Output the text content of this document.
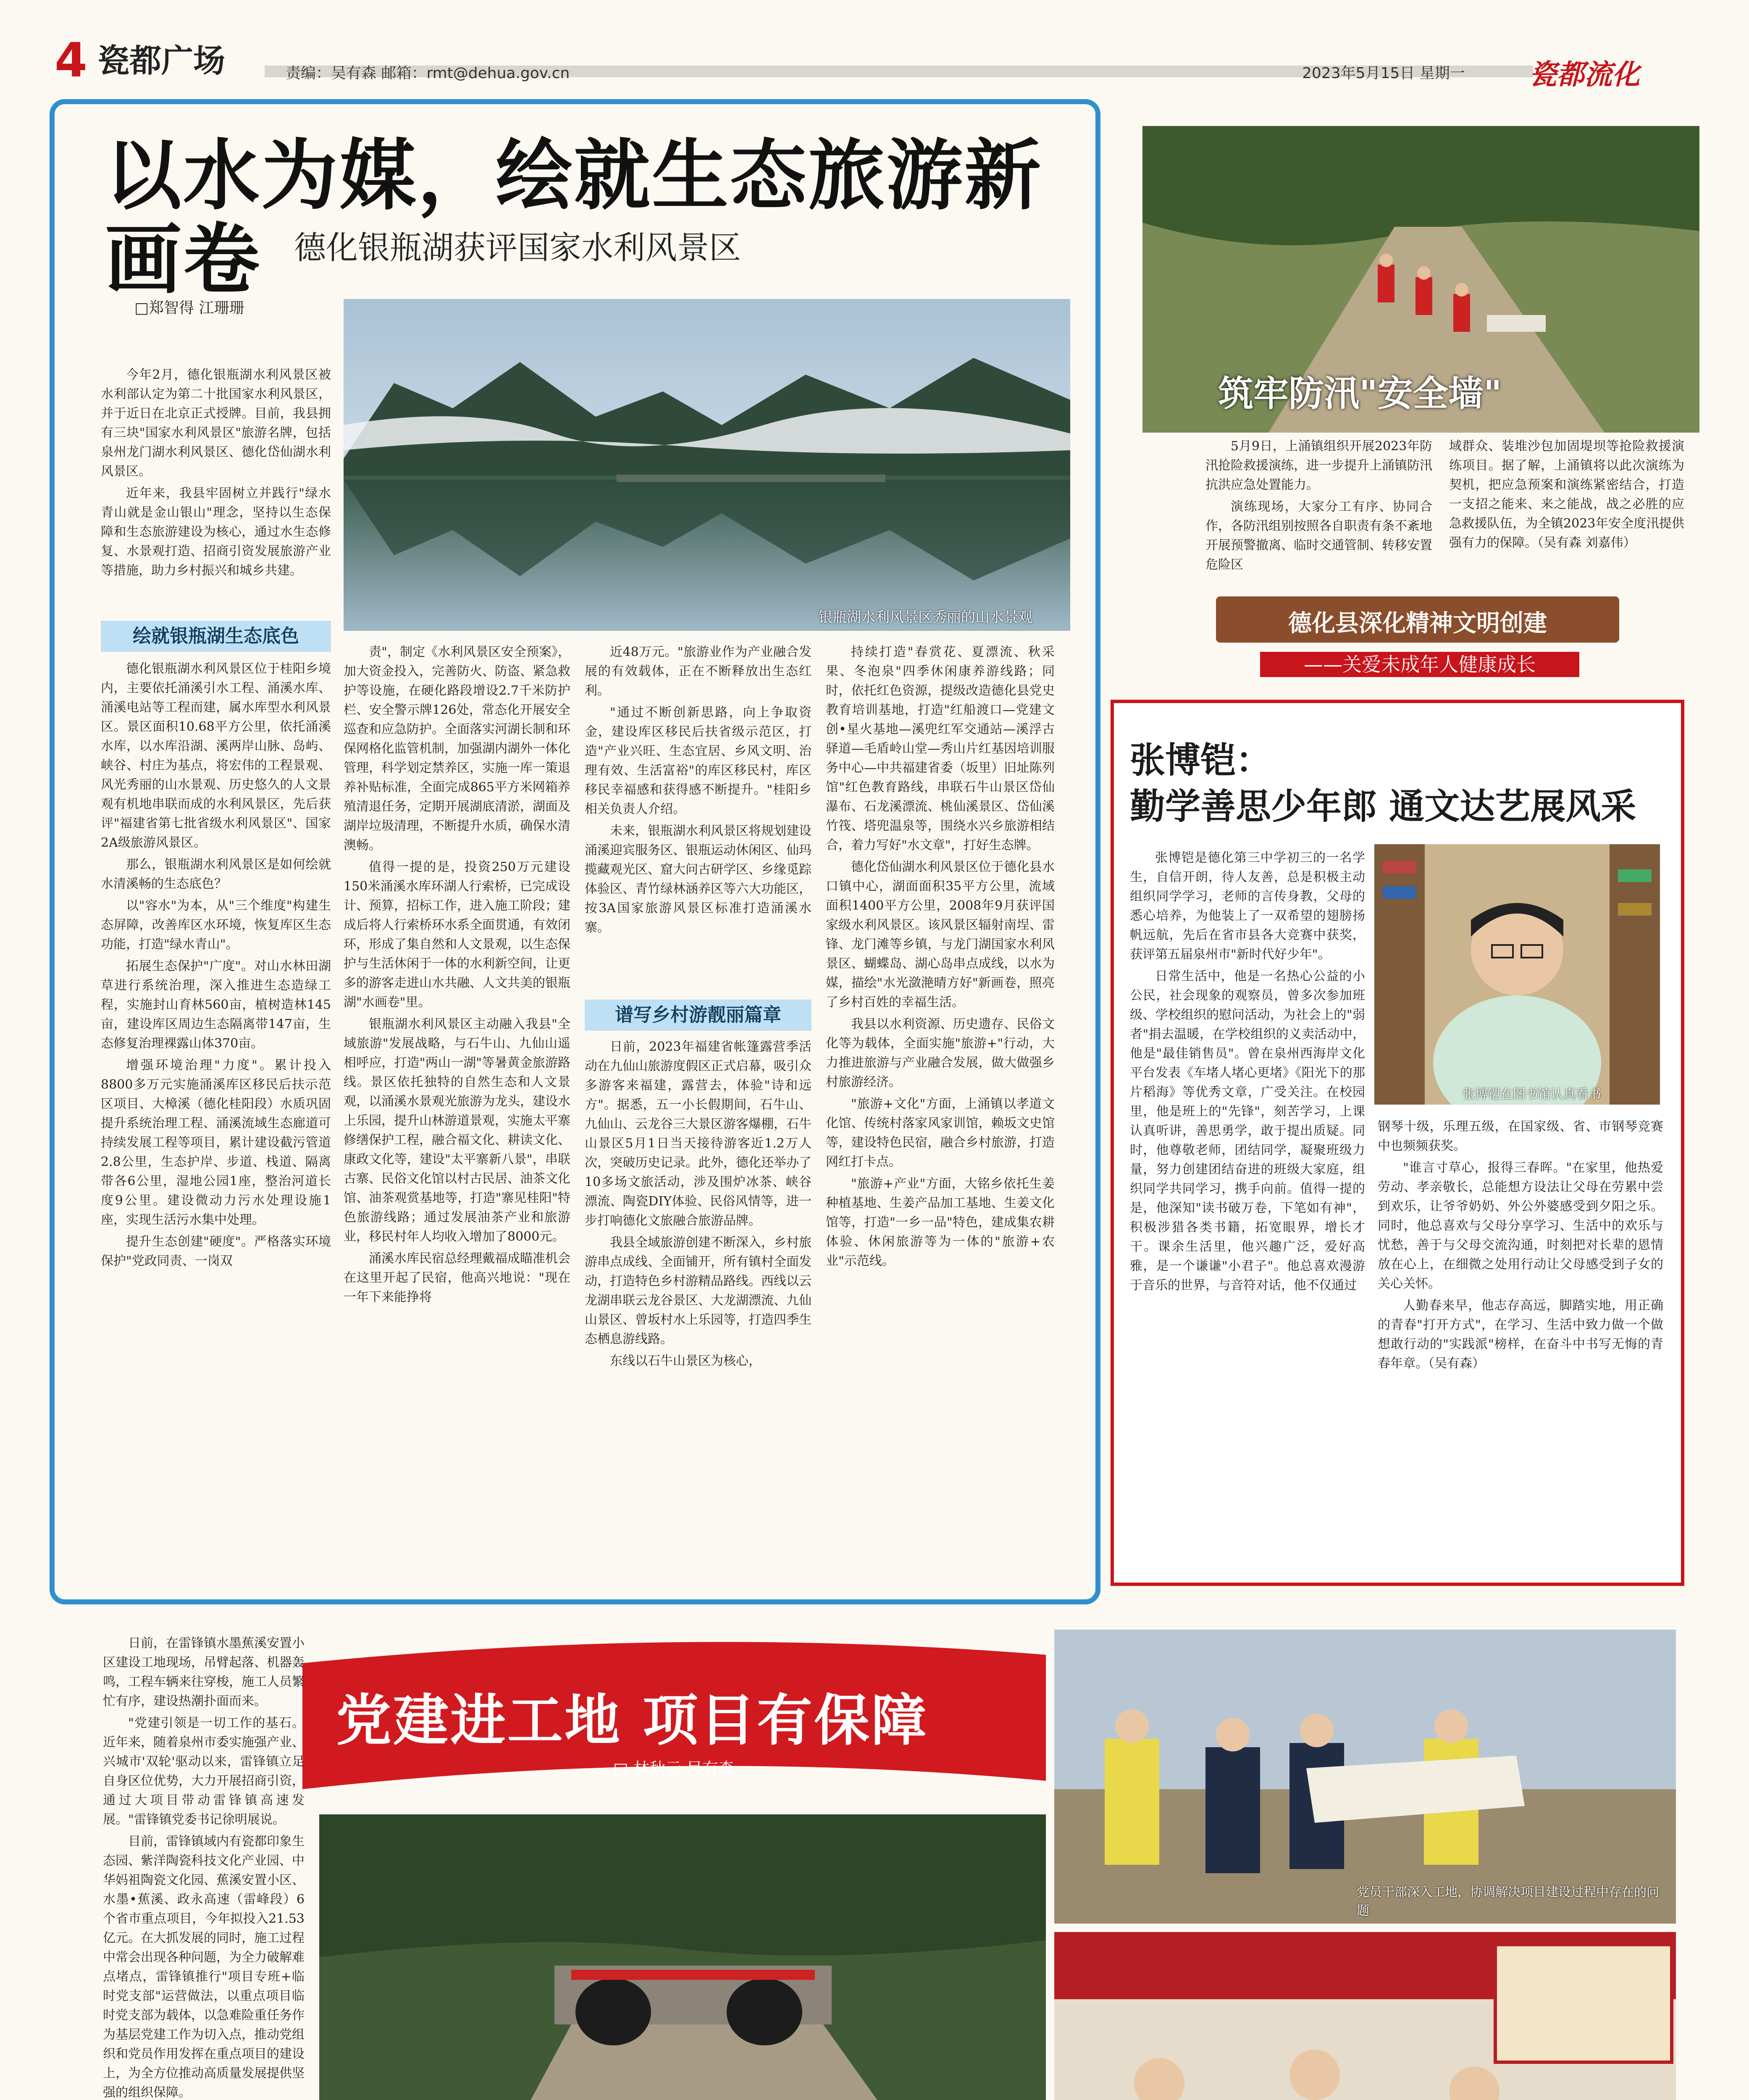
4 瓷都广场	责编：吴有森 邮箱：rmt@dehua.gov.cn	2023年5月15日 星期一 瓷都流化
以水为媒，绘就生态旅游新画卷	德化银瓶湖获评国家水利风景区
□郑智得 江珊珊
银瓶湖水利风景区秀丽的山水景观

今年2月，德化银瓶湖水利风景区被水利部认定为第二十批国家水利风景区，并于近日在北京正式授牌。目前，我县拥有三块"国家水利风景区"旅游名牌，包括泉州龙门湖水利风景区、德化岱仙湖水利风景区。

近年来，我县牢固树立并践行"绿水青山就是金山银山"理念，坚持以生态保障和生态旅游建设为核心，通过水生态修复、水景观打造、招商引资发展旅游产业等措施，助力乡村振兴和城乡共建。

绘就银瓶湖生态底色

德化银瓶湖水利风景区位于桂阳乡境内，主要依托涌溪引水工程、涌溪水库、涌溪电站等工程而建，属水库型水利风景区。景区面积10.68平方公里，依托涌溪水库，以水库沿湖、溪两岸山脉、岛屿、峡谷、村庄为基点，将宏伟的工程景观、风光秀丽的山水景观、历史悠久的人文景观有机地串联而成的水利风景区，先后获评"福建省第七批省级水利风景区"、国家2A级旅游风景区。

那么，银瓶湖水利风景区是如何绘就水清溪畅的生态底色？

以"容水"为本，从"三个维度"构建生态屏障，改善库区水环境，恢复库区生态功能，打造"绿水青山"。

拓展生态保护"广度"。对山水林田湖草进行系统治理，深入推进生态造绿工程，实施封山育林560亩，植树造林145亩，建设库区周边生态隔离带147亩，生态修复治理裸露山体370亩。

增强环境治理"力度"。累计投入8800多万元实施涌溪库区移民后扶示范区项目、大樟溪（德化桂阳段）水质巩固提升系统治理工程、涌溪流域生态廊道可持续发展工程等项目，累计建设截污管道2.8公里，生态护岸、步道、栈道、隔离带各6公里，湿地公园1座，整治河道长度9公里。建设微动力污水处理设施1座，实现生活污水集中处理。

提升生态创建"硬度"。严格落实环境保护"党政同责、一岗双

责"，制定《水利风景区安全预案》，加大资金投入，完善防火、防盗、紧急救护等设施，在硬化路段增设2.7千米防护栏、安全警示牌126处，常态化开展安全巡查和应急防护。全面落实河湖长制和环保网格化监管机制，加强湖内湖外一体化管理，科学划定禁养区，实施一库一策退养补贴标准，全面完成865平方米网箱养殖清退任务，定期开展湖底清淤，湖面及湖岸垃圾清理，不断提升水质，确保水清澳畅。

值得一提的是，投资250万元建设150米涌溪水库环湖人行索桥，已完成设计、预算，招标工作，进入施工阶段；建成后将人行索桥环水系全面贯通，有效闭环，形成了集自然和人文景观，以生态保护与生活休闲于一体的水利新空间，让更多的游客走进山水共融、人文共美的银瓶湖"水画卷"里。

银瓶湖水利风景区主动融入我县"全域旅游"发展战略，与石牛山、九仙山遥相呼应，打造"两山一湖"等暑黄金旅游路线。景区依托独特的自然生态和人文景观，以涌溪水景观光旅游为龙头，建设水上乐园，提升山林游道景观，实施太平寨修缮保护工程，融合福文化、耕读文化、康政文化等，建设"太平寨新八景"，串联古寨、民俗文化馆以村古民居、油茶文化馆、油茶观赏基地等，打造"寨见桂阳"特色旅游线路；通过发展油茶产业和旅游业，移民村年人均收入增加了8000元。

涌溪水库民宿总经理戴福成瞄准机会在这里开起了民宿，他高兴地说："现在一年下来能挣将

近48万元。"旅游业作为产业融合发展的有效载体，正在不断释放出生态红利。

"通过不断创新思路，向上争取资金，建设库区移民后扶省级示范区，打造"产业兴旺、生态宜居、乡风文明、治理有效、生活富裕"的库区移民村，库区移民幸福感和获得感不断提升。"桂阳乡相关负责人介绍。

未来，银瓶湖水利风景区将规划建设涌溪迎宾服务区、银瓶运动休闲区、仙玛揽藏观光区、窟大问古研学区、乡缘觅踪体验区、青竹绿林涵养区等六大功能区，按3A国家旅游风景区标准打造涌溪水寨。

谱写乡村游靓丽篇章

日前，2023年福建省帐篷露营季活动在九仙山旅游度假区正式启幕，吸引众多游客来福建，露营去，体验"诗和远方"。据悉，五一小长假期间，石牛山、九仙山、云龙谷三大景区游客爆棚，石牛山景区5月1日当天接待游客近1.2万人次，突破历史记录。此外，德化还举办了10多场文旅活动，涉及围炉冰茶、峡谷漂流、陶瓷DIY体验、民俗风情等，进一步打响德化文旅融合旅游品牌。

我县全域旅游创建不断深入，乡村旅游串点成线、全面铺开，所有镇村全面发动，打造特色乡村游精品路线。西线以云龙湖串联云龙谷景区、大龙湖漂流、九仙山景区、曾坂村水上乐园等，打造四季生态栖息游线路。

东线以石牛山景区为核心，

持续打造"春赏花、夏漂流、秋采果、冬泡泉"四季休闲康养游线路；同时，依托红色资源，提级改造德化县党史教育培训基地，打造"红船渡口—党建文创•星火基地—溪兜红军交通站—溪浮古驿道—毛盾岭山堂—秀山片红基因培训服务中心—中共福建省委（坂里）旧址陈列馆"红色教育路线，串联石牛山景区岱仙瀑布、石龙溪漂流、桃仙溪景区、岱仙溪竹筏、塔兜温泉等，围绕水兴乡旅游相结合，着力写好"水文章"，打好生态牌。

德化岱仙湖水利风景区位于德化县水口镇中心，湖面面积35平方公里，流域面积1400平方公里，2008年9月获评国家级水利风景区。该风景区辐射南埕、雷锋、龙门滩等乡镇，与龙门湖国家水利风景区、蝴蝶岛、湖心岛串点成线，以水为媒，描绘"水光潋滟晴方好"新画卷，照亮了乡村百姓的幸福生活。

我县以水利资源、历史遗存、民俗文化等为载体，全面实施"旅游+"行动，大力推进旅游与产业融合发展，做大做强乡村旅游经济。

"旅游+文化"方面，上涌镇以孝道文化馆、传统村落家风家训馆，赖坂文史馆等，建设特色民宿，融合乡村旅游，打造网红打卡点。

"旅游+产业"方面，大铭乡依托生姜种植基地、生姜产品加工基地、生姜文化馆等，打造"一乡一品"特色，建成集农耕体验、休闲旅游等为一体的"旅游+农业"示范线。

筑牢防汛"安全墙"

5月9日，上涌镇组织开展2023年防汛抢险救援演练，进一步提升上涌镇防汛抗洪应急处置能力。

演练现场，大家分工有序、协同合作，各防汛组别按照各自职责有条不紊地开展预警撤离、临时交通管制、转移安置危险区

域群众、装堆沙包加固堤坝等抢险救援演练项目。据了解，上涌镇将以此次演练为契机，把应急预案和演练紧密结合，打造一支招之能来、来之能战，战之必胜的应急救援队伍，为全镇2023年安全度汛提供强有力的保障。（吴有森 刘嘉伟）

德化县深化精神文明创建
——关爱未成年人健康成长
张博铠：
勤学善思少年郎 通文达艺展风采
张博铠在图书馆认真看书

张博铠是德化第三中学初三的一名学生，自信开朗，待人友善，总是积极主动组织同学学习，老师的言传身教，父母的悉心培养，为他装上了一双希望的翅膀扬帆远航，先后在省市县各大竞赛中获奖，获评第五届泉州市"新时代好少年"。

日常生活中，他是一名热心公益的小公民，社会现象的观察员，曾多次参加班级、学校组织的慰问活动，为社会上的"弱者"捐去温暖，在学校组织的义卖活动中，他是"最佳销售员"。曾在泉州西海岸文化平台发表《车堵人堵心更堵》《阳光下的那片稻海》等优秀文章，广受关注。在校园里，他是班上的"先锋"，刻苦学习，上课认真听讲，善思勇学，敢于提出质疑。同时，他尊敬老师，团结同学，凝聚班级力量，努力创建团结奋进的班级大家庭，组织同学共同学习，携手向前。值得一提的是，他深知"读书破万卷，下笔如有神"，积极涉猎各类书籍，拓宽眼界，增长才干。课余生活里，他兴趣广泛，爱好高雅，是一个谦谦"小君子"。他总喜欢漫游于音乐的世界，与音符对话，他不仅通过

钢琴十级，乐理五级，在国家级、省、市钢琴竞赛中也频频获奖。

"谁言寸草心，报得三春晖。"在家里，他热爱劳动、孝亲敬长，总能想方设法让父母在劳累中尝到欢乐，让爷爷奶奶、外公外婆感受到夕阳之乐。同时，他总喜欢与父母分享学习、生活中的欢乐与忧愁，善于与父母交流沟通，时刻把对长辈的恩情放在心上，在细微之处用行动让父母感受到子女的关心关怀。

人勤春来早，他志存高远，脚踏实地，用正确的青春"打开方式"，在学习、生活中致力做一个做想敢行动的"实践派"榜样，在奋斗中书写无悔的青春年章。（吴有森）

党建进工地 项目有保障
□ 林秋云 吴有森
党员干部深入工地，协调解决项目建设过程中存在的问题

日前，在雷锋镇水墨蕉溪安置小区建设工地现场，吊臂起落、机器轰鸣，工程车辆来往穿梭，施工人员繁忙有序，建设热潮扑面而来。

"党建引领是一切工作的基石。近年来，随着泉州市委实施强产业、兴城市'双轮'驱动以来，雷锋镇立足自身区位优势，大力开展招商引资，通过大项目带动雷锋镇高速发展。"雷锋镇党委书记徐明展说。

目前，雷锋镇域内有瓷都印象生态园、紫洋陶瓷科技文化产业园、中华妈祖陶瓷文化园、蕉溪安置小区、水墨•蕉溪、政永高速（雷峰段）6个省市重点项目，今年拟投入21.53亿元。在大抓发展的同时，施工过程中常会出现各种问题，为全力破解难点堵点，雷锋镇推行"项目专班+临时党支部"运营做法，以重点项目临时党支部为载体，以急难险重任务作为基层党建工作为切入点，推动党组织和党员作用发挥在重点项目的建设上，为全方位推动高质量发展提供坚强的组织保障。
